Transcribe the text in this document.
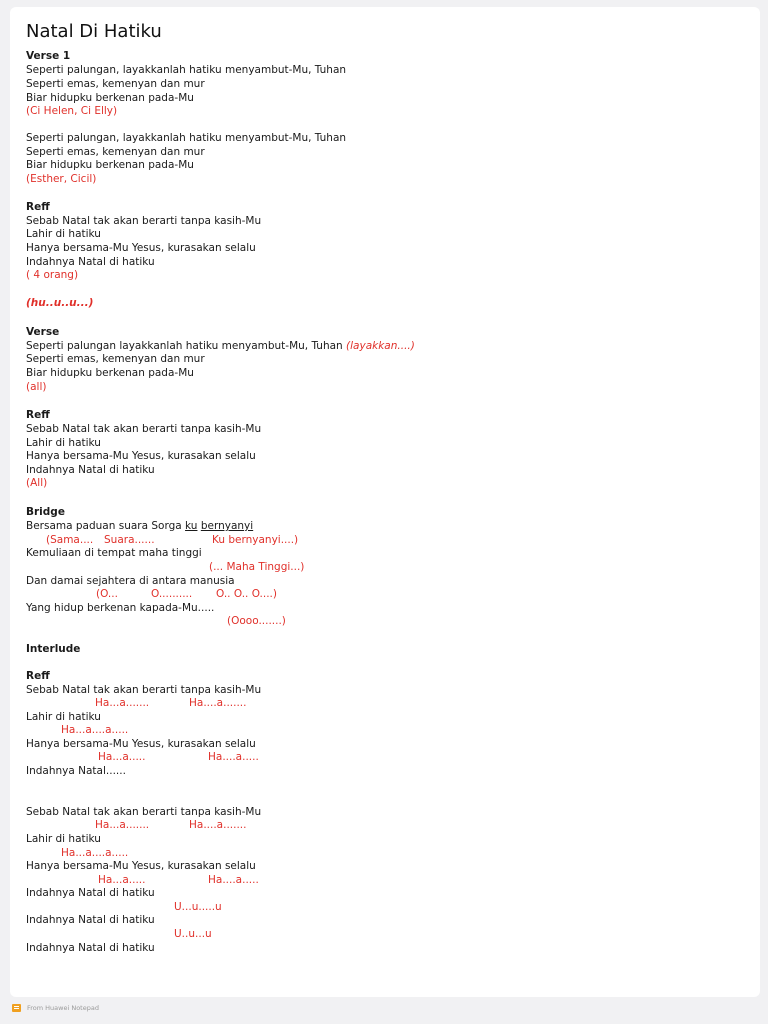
Natal Di Hatiku
Verse 1
Seperti palungan, layakkanlah hatiku menyambut-Mu, Tuhan
Seperti emas, kemenyan dan mur
Biar hidupku berkenan pada-Mu
(Ci Helen, Ci Elly)
Seperti palungan, layakkanlah hatiku menyambut-Mu, Tuhan
Seperti emas, kemenyan dan mur
Biar hidupku berkenan pada-Mu
(Esther, Cicil)
Reff
Sebab Natal tak akan berarti tanpa kasih-Mu
Lahir di hatiku
Hanya bersama-Mu Yesus, kurasakan selalu
Indahnya Natal di hatiku
( 4 orang)
(hu..u..u...)
Verse
Seperti palungan layakkanlah hatiku menyambut-Mu, Tuhan (layakkan....)
Seperti emas, kemenyan dan mur
Biar hidupku berkenan pada-Mu
(all)
Reff
Sebab Natal tak akan berarti tanpa kasih-Mu
Lahir di hatiku
Hanya bersama-Mu Yesus, kurasakan selalu
Indahnya Natal di hatiku
(All)
Bridge
Bersama paduan suara Sorga ku bernyanyi
(Sama.... Suara......	Ku bernyanyi....)
Kemuliaan di tempat maha tinggi
(... Maha Tinggi...)
Dan damai sejahtera di antara manusia
(O...	O.......... O.. O.. O....)
Yang hidup berkenan kapada-Mu.....
(Oooo.......)
Interlude
Reff
Sebab Natal tak akan berarti tanpa kasih-Mu
Ha...a.......	Ha....a.......
Lahir di hatiku
Ha...a....a.....
Hanya bersama-Mu Yesus, kurasakan selalu
Ha...a.....	Ha....a.....
Indahnya Natal......
Sebab Natal tak akan berarti tanpa kasih-Mu
Ha...a.......	Ha....a.......
Lahir di hatiku
Ha...a....a.....
Hanya bersama-Mu Yesus, kurasakan selalu
Ha...a.....	Ha....a.....
Indahnya Natal di hatiku
U...u.....u
Indahnya Natal di hatiku
U..u...u
Indahnya Natal di hatiku
From Huawei Notepad
